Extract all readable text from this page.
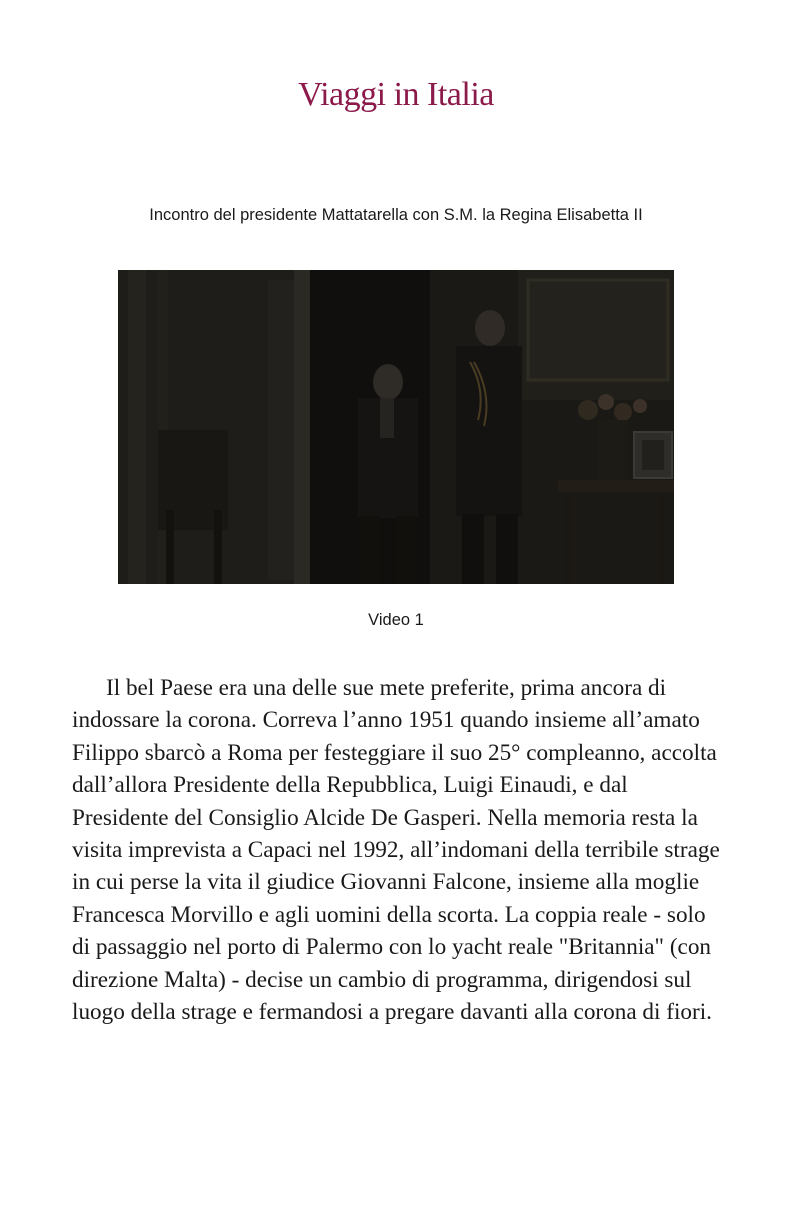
Viaggi in Italia
Incontro del presidente Mattatarella con S.M. la Regina Elisabetta II
Video 1

Il bel Paese era una delle sue mete preferite, prima ancora di indossare la corona. Correva l’anno 1951 quando insieme all’amato Filippo sbarcò a Roma per festeggiare il suo 25° compleanno, accolta dall’allora Presidente della Repubblica, Luigi Einaudi, e dal Presidente del Consiglio Alcide De Gasperi. Nella memoria resta la visita imprevista a Capaci nel 1992, all’indomani della terribile strage in cui perse la vita il giudice Giovanni Falcone, insieme alla moglie Francesca Morvillo e agli uomini della scorta. La coppia reale - solo di passaggio nel porto di Palermo con lo yacht reale "Britannia" (con direzione Malta) - decise un cambio di programma, dirigendosi sul luogo della strage e fermandosi a pregare davanti alla corona di fiori.
